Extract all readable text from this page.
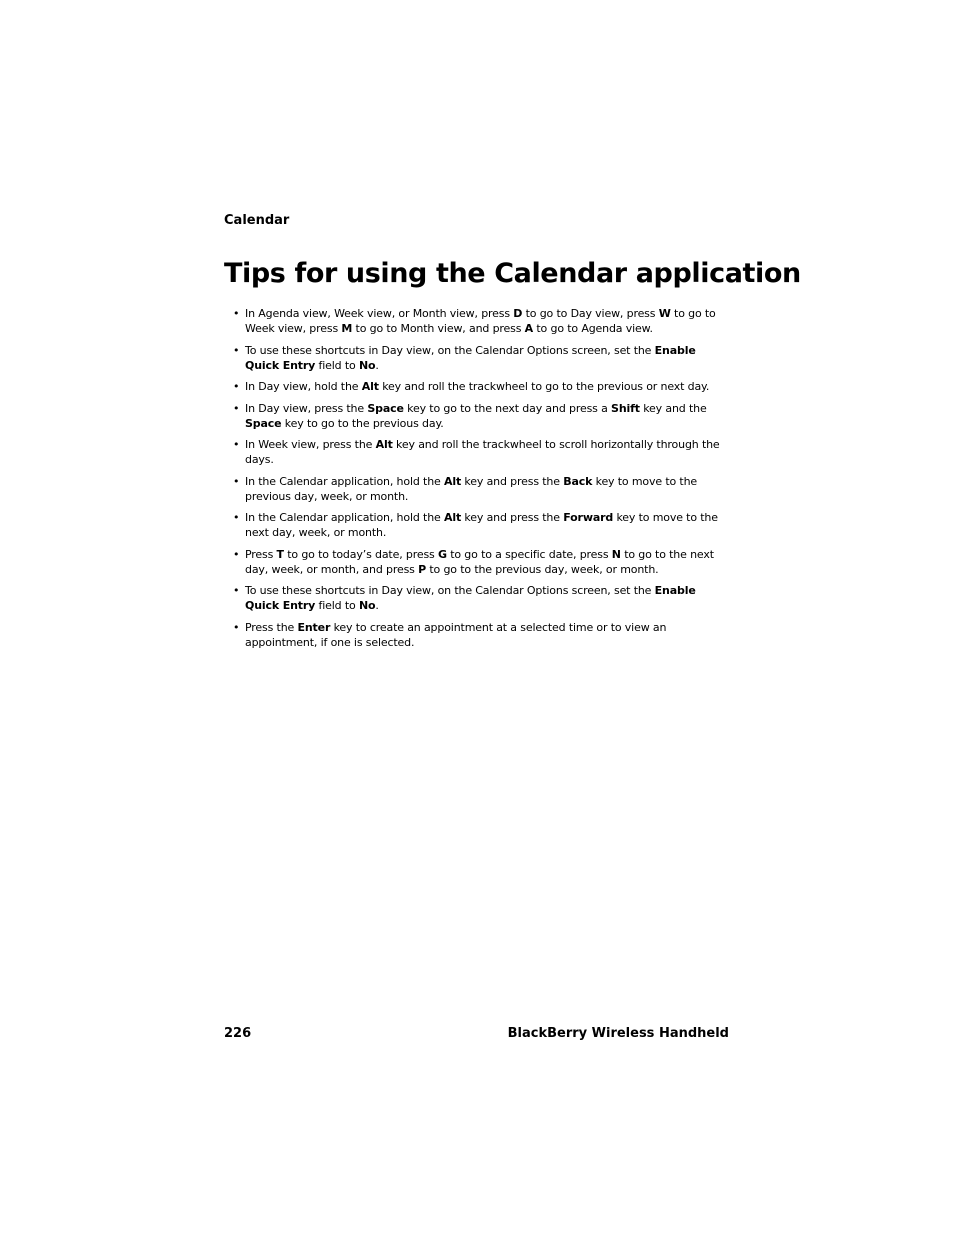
Calendar
Tips for using the Calendar application
• In Agenda view, Week view, or Month view, press D to go to Day view, press W to go to Week view, press M to go to Month view, and press A to go to Agenda view.
• To use these shortcuts in Day view, on the Calendar Options screen, set the Enable Quick Entry field to No.
• In Day view, hold the Alt key and roll the trackwheel to go to the previous or next day.
• In Day view, press the Space key to go to the next day and press a Shift key and the Space key to go to the previous day.
• In Week view, press the Alt key and roll the trackwheel to scroll horizontally through the days.
• In the Calendar application, hold the Alt key and press the Back key to move to the previous day, week, or month.
• In the Calendar application, hold the Alt key and press the Forward key to move to the next day, week, or month.
• Press T to go to today’s date, press G to go to a specific date, press N to go to the next day, week, or month, and press P to go to the previous day, week, or month.
• To use these shortcuts in Day view, on the Calendar Options screen, set the Enable Quick Entry field to No.
• Press the Enter key to create an appointment at a selected time or to view an appointment, if one is selected.
226	BlackBerry Wireless Handheld
